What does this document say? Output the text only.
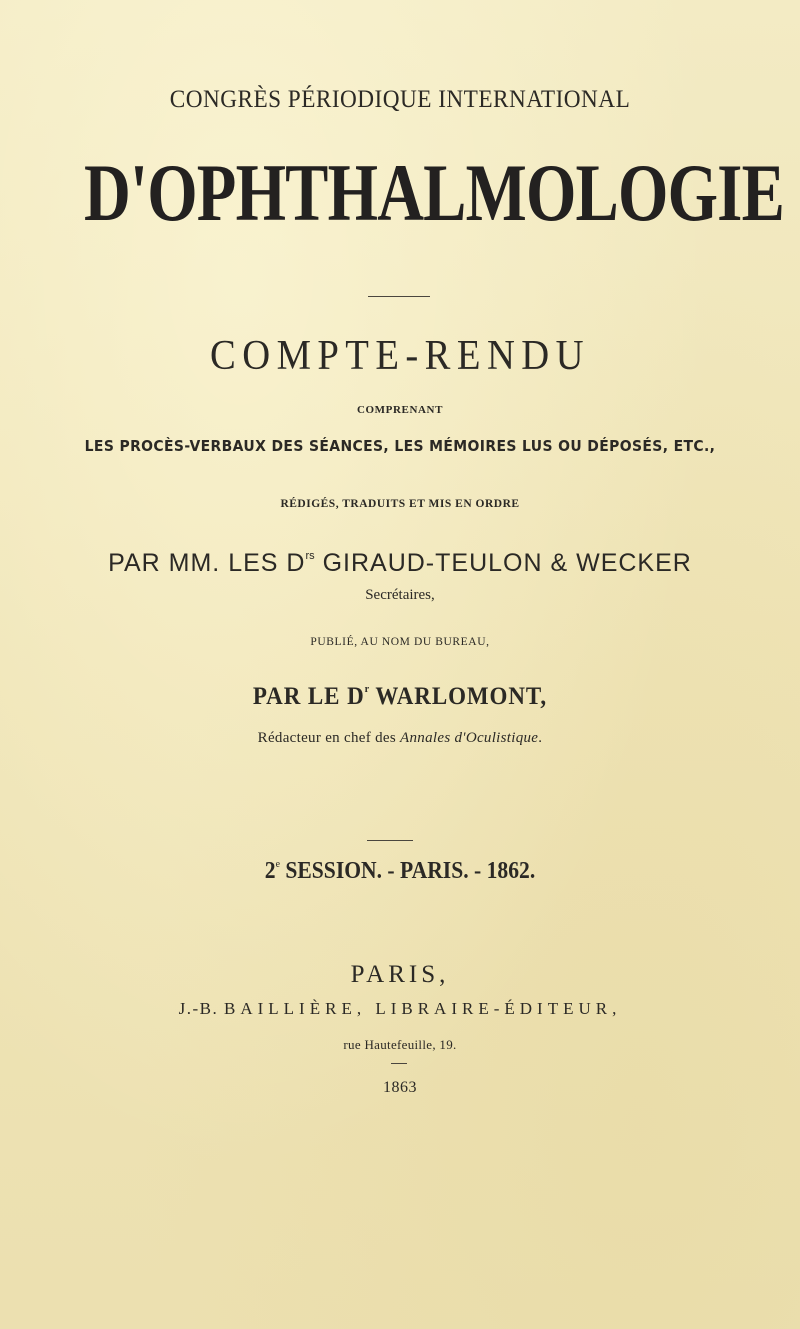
CONGRÈS PÉRIODIQUE INTERNATIONAL
D'OPHTHALMOLOGIE
COMPTE-RENDU
COMPRENANT
LES PROCÈS-VERBAUX DES SÉANCES, LES MÉMOIRES LUS OU DÉPOSÉS, ETC.,
RÉDIGÉS, TRADUITS ET MIS EN ORDRE
PAR MM. LES $D^{rs}$ GIRAUD-TEULON & WECKER
Secrétaires,
PUBLIÉ, AU NOM DU BUREAU,
PAR LE $D^r$ WARLOMONT,
Rédacteur en chef des Annales d'Oculistique.
2e SESSION. - PARIS. - 1862.
PARIS,
J.-B. BAILLIÈRE, LIBRAIRE-ÉDITEUR,
rue Hautefeuille, 19.
1863
